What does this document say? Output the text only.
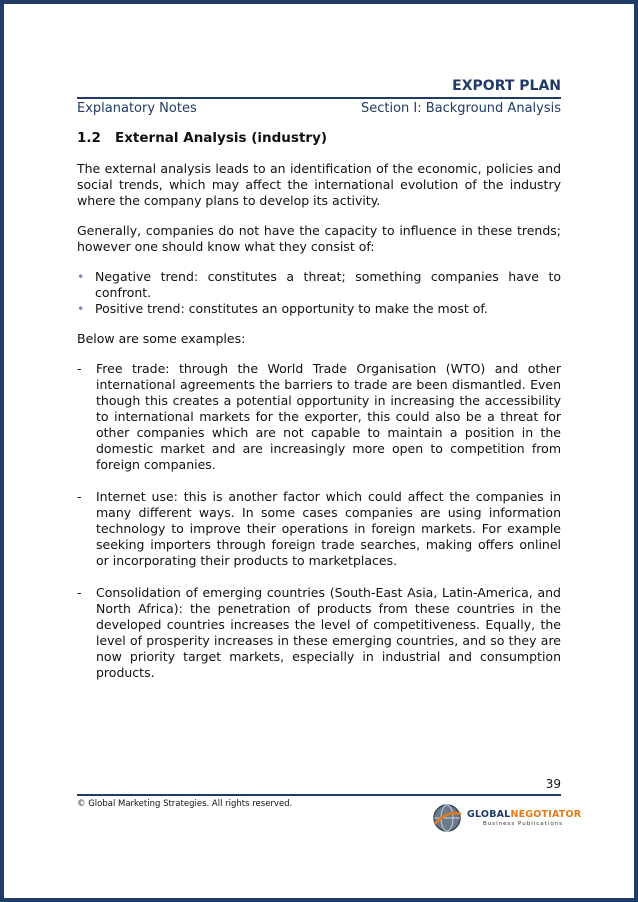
EXPORT PLAN
Explanatory Notes	Section I: Background Analysis
1.2 External Analysis (industry)

The external analysis leads to an identification of the economic, policies and social trends, which may affect the international evolution of the industry where the company plans to develop its activity.

Generally, companies do not have the capacity to influence in these trends; however one should know what they consist of:

• Negative trend: constitutes a threat; something companies have to confront.
• Positive trend: constitutes an opportunity to make the most of.

Below are some examples:

-	Free trade: through the World Trade Organisation (WTO) and other international agreements the barriers to trade are been dismantled. Even though this creates a potential opportunity in increasing the accessibility to international markets for the exporter, this could also be a threat for other companies which are not capable to maintain a position in the domestic market and are increasingly more open to competition from foreign companies.
-	Internet use: this is another factor which could affect the companies in many different ways. In some cases companies are using information technology to improve their operations in foreign markets. For example seeking importers through foreign trade searches, making offers onlinel or incorporating their products to marketplaces.
-	Consolidation of emerging countries (South-East Asia, Latin-America, and North Africa): the penetration of products from these countries in the developed countries increases the level of competitiveness. Equally, the level of prosperity increases in these emerging countries, and so they are now priority target markets, especially in industrial and consumption products.
39
© Global Marketing Strategies. All rights reserved.
GLOBALNEGOTIATOR
Business Publications
